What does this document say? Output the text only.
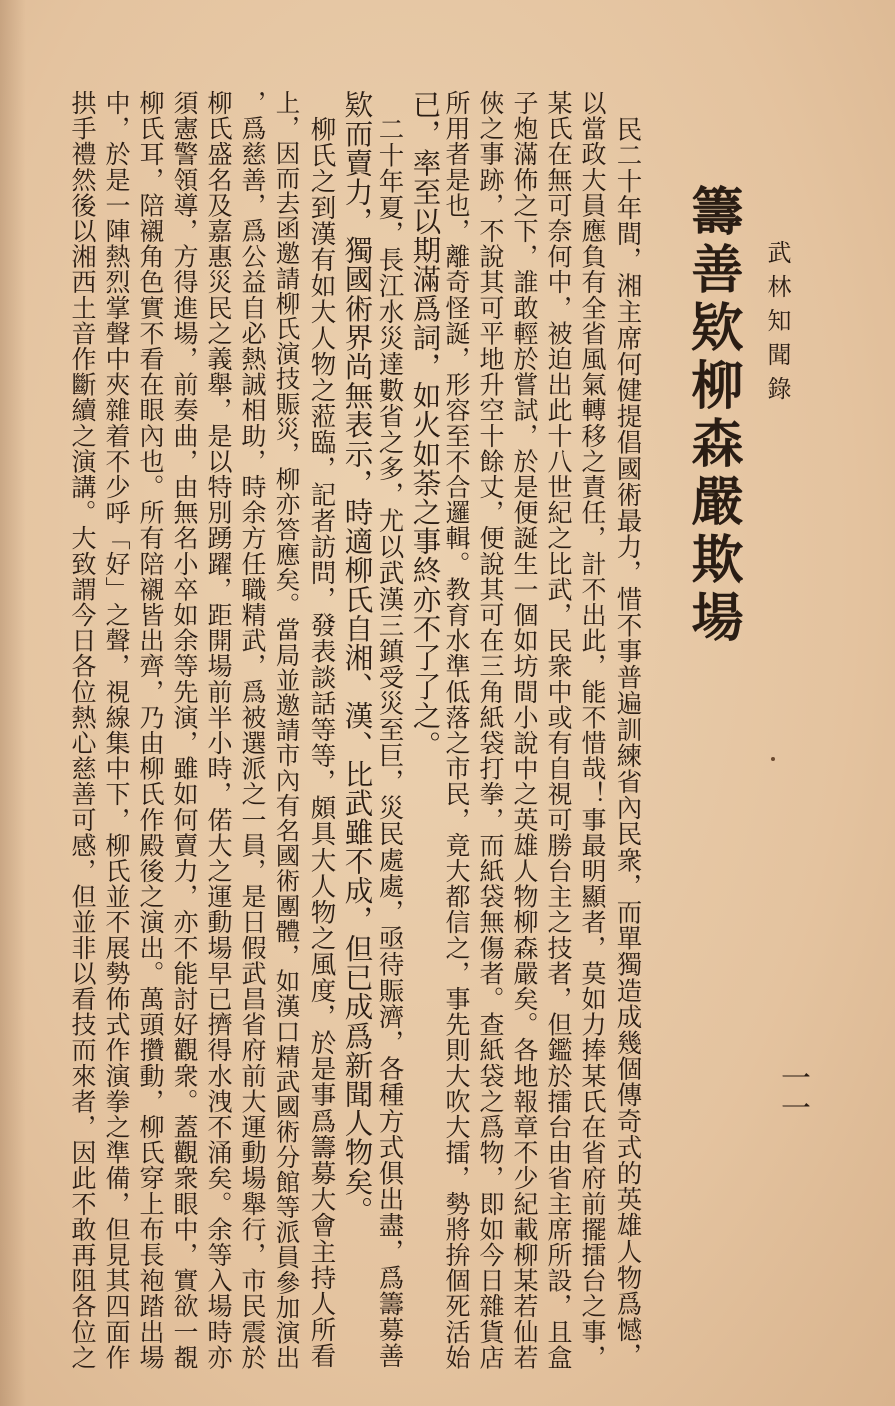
武林知聞錄
籌善欵柳森嚴欺場
一一
　民二十年間，湘主席何健提倡國術最力，惜不事普遍訓練省內民衆，而單獨造成幾個傳奇式的英雄人物爲憾，
以當政大員應負有全省風氣轉移之責任，計不出此，能不惜哉！事最明顯者，莫如力捧某氏在省府前擺擂台之事，
某氏在無可奈何中，被迫出此十八世紀之比武，民衆中或有自視可勝台主之技者，但鑑於擂台由省主席所設，且盒
子炮滿佈之下，誰敢輕於嘗試，於是便誕生一個如坊間小說中之英雄人物柳森嚴矣。各地報章不少紀載柳某若仙若
俠之事跡，不說其可平地升空十餘丈，便說其可在三角紙袋打拳，而紙袋無傷者。查紙袋之爲物，即如今日雜貨店
所用者是也，離奇怪誕，形容至不合邏輯。教育水準低落之市民，竟大都信之，事先則大吹大擂，勢將拚個死活始
已，率至以期滿爲詞，如火如荼之事終亦不了了之。
　二十年夏，長江水災達數省之多，尤以武漢三鎮受災至巨，災民處處，亟待賑濟，各種方式俱出盡，爲籌募善
欵而賣力，獨國術界尚無表示，時適柳氏自湘、漢、比武雖不成，但已成爲新聞人物矣。
　柳氏之到漢有如大人物之蒞臨，記者訪問，發表談話等等，頗具大人物之風度，於是事爲籌募大會主持人所看
上，因而去函邀請柳氏演技賑災，柳亦答應矣。當局並邀請市內有名國術團體，如漢口精武國術分館等派員參加演出
，爲慈善，爲公益自必熱誠相助，時余方任職精武，爲被選派之一員，是日假武昌省府前大運動場舉行，市民震於
柳氏盛名及嘉惠災民之義舉，是以特別踴躍，距開場前半小時，偌大之運動場早已擠得水洩不涌矣。余等入場時亦
須憲警領導，方得進場，前奏曲，由無名小卒如余等先演，雖如何賣力，亦不能討好觀衆。蓋觀衆眼中，實欲一覩
柳氏耳，陪襯角色實不看在眼內也。所有陪襯皆出齊，乃由柳氏作殿後之演出。萬頭攢動，柳氏穿上布長袍踏出場
中，於是一陣熱烈掌聲中夾雜着不少呼「好」之聲，視線集中下，柳氏並不展勢佈式作演拳之準備，但見其四面作
拱手禮然後以湘西土音作斷續之演講。大致謂今日各位熱心慈善可感，但並非以看技而來者，因此不敢再阻各位之
